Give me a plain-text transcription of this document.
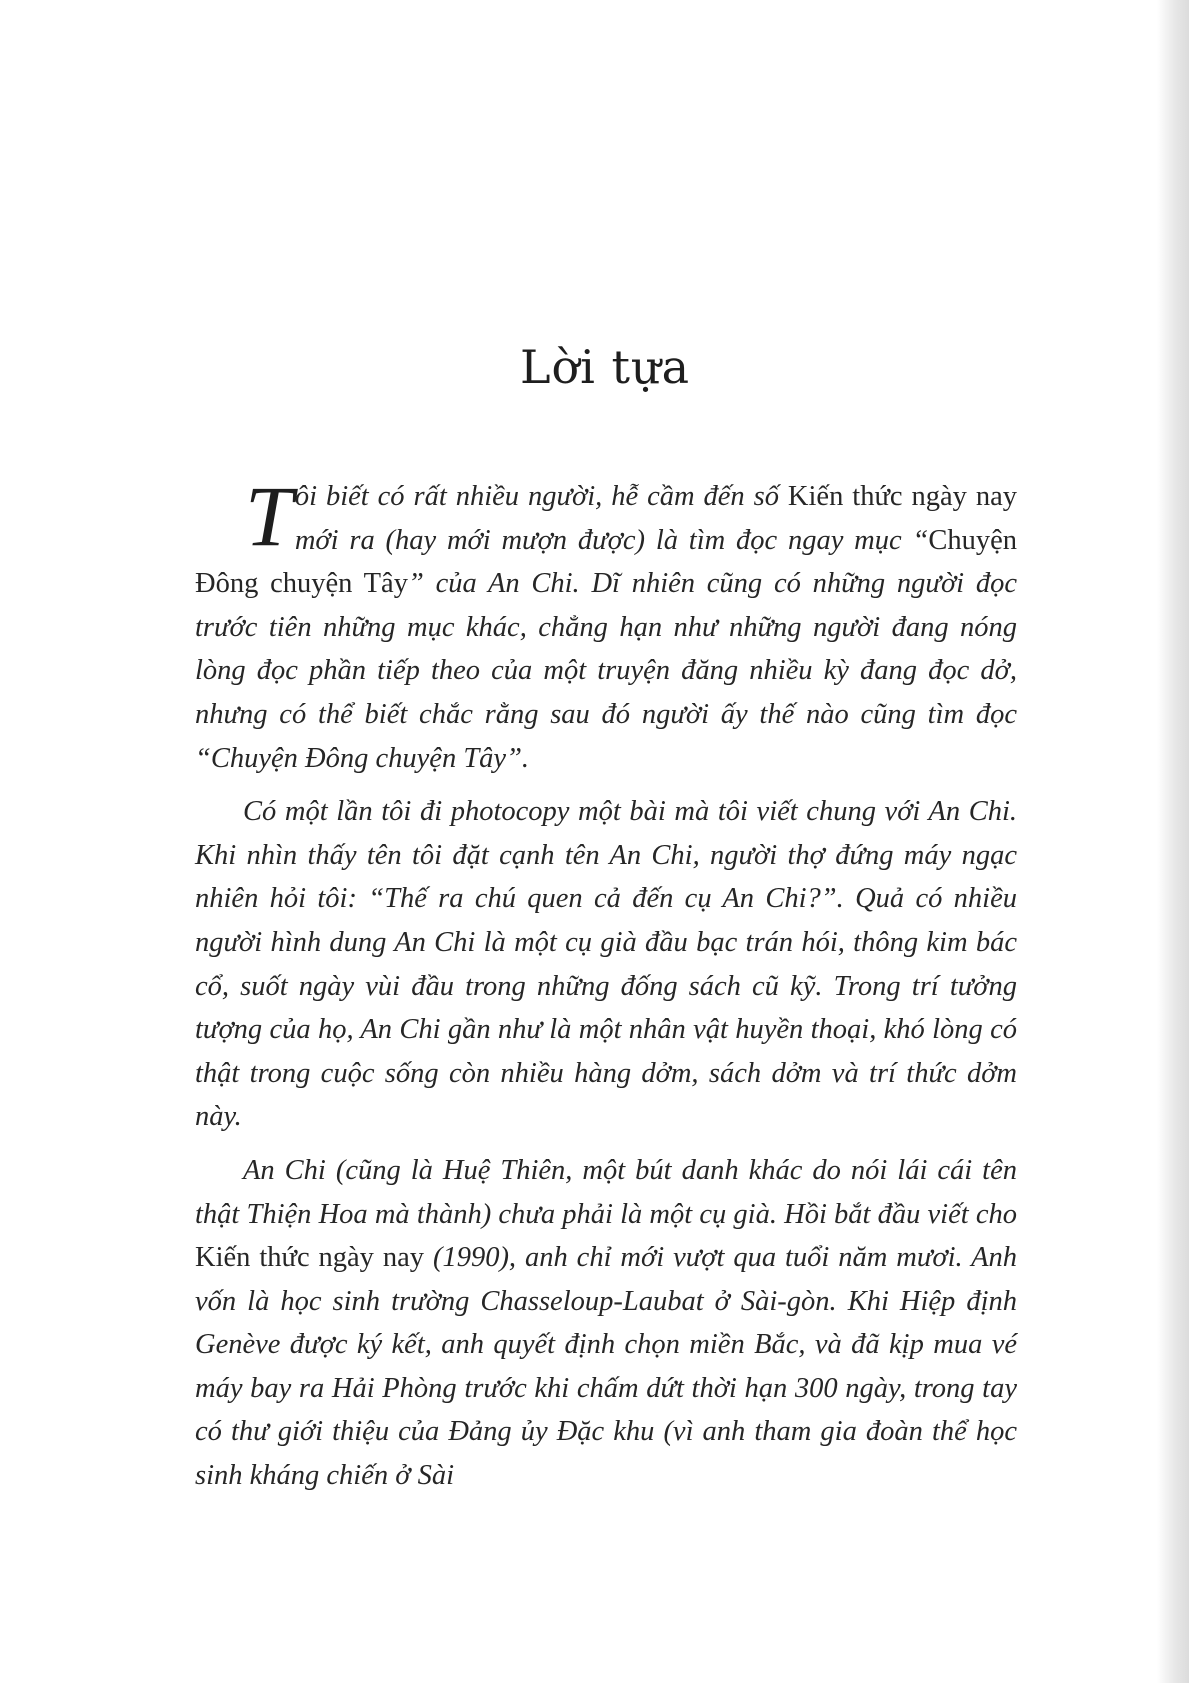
Lời tựa

Tôi biết có rất nhiều người, hễ cầm đến số Kiến thức ngày nay mới ra (hay mới mượn được) là tìm đọc ngay mục “Chuyện Đông chuyện Tây” của An Chi. Dĩ nhiên cũng có những người đọc trước tiên những mục khác, chẳng hạn như những người đang nóng lòng đọc phần tiếp theo của một truyện đăng nhiều kỳ đang đọc dở, nhưng có thể biết chắc rằng sau đó người ấy thế nào cũng tìm đọc “Chuyện Đông chuyện Tây”.

Có một lần tôi đi photocopy một bài mà tôi viết chung với An Chi. Khi nhìn thấy tên tôi đặt cạnh tên An Chi, người thợ đứng máy ngạc nhiên hỏi tôi: “Thế ra chú quen cả đến cụ An Chi?”. Quả có nhiều người hình dung An Chi là một cụ già đầu bạc trán hói, thông kim bác cổ, suốt ngày vùi đầu trong những đống sách cũ kỹ. Trong trí tưởng tượng của họ, An Chi gần như là một nhân vật huyền thoại, khó lòng có thật trong cuộc sống còn nhiều hàng dởm, sách dởm và trí thức dởm này.

An Chi (cũng là Huệ Thiên, một bút danh khác do nói lái cái tên thật Thiện Hoa mà thành) chưa phải là một cụ già. Hồi bắt đầu viết cho Kiến thức ngày nay (1990), anh chỉ mới vượt qua tuổi năm mươi. Anh vốn là học sinh trường Chasseloup-Laubat ở Sài-gòn. Khi Hiệp định Genève được ký kết, anh quyết định chọn miền Bắc, và đã kịp mua vé máy bay ra Hải Phòng trước khi chấm dứt thời hạn 300 ngày, trong tay có thư giới thiệu của Đảng ủy Đặc khu (vì anh tham gia đoàn thể học sinh kháng chiến ở Sài
